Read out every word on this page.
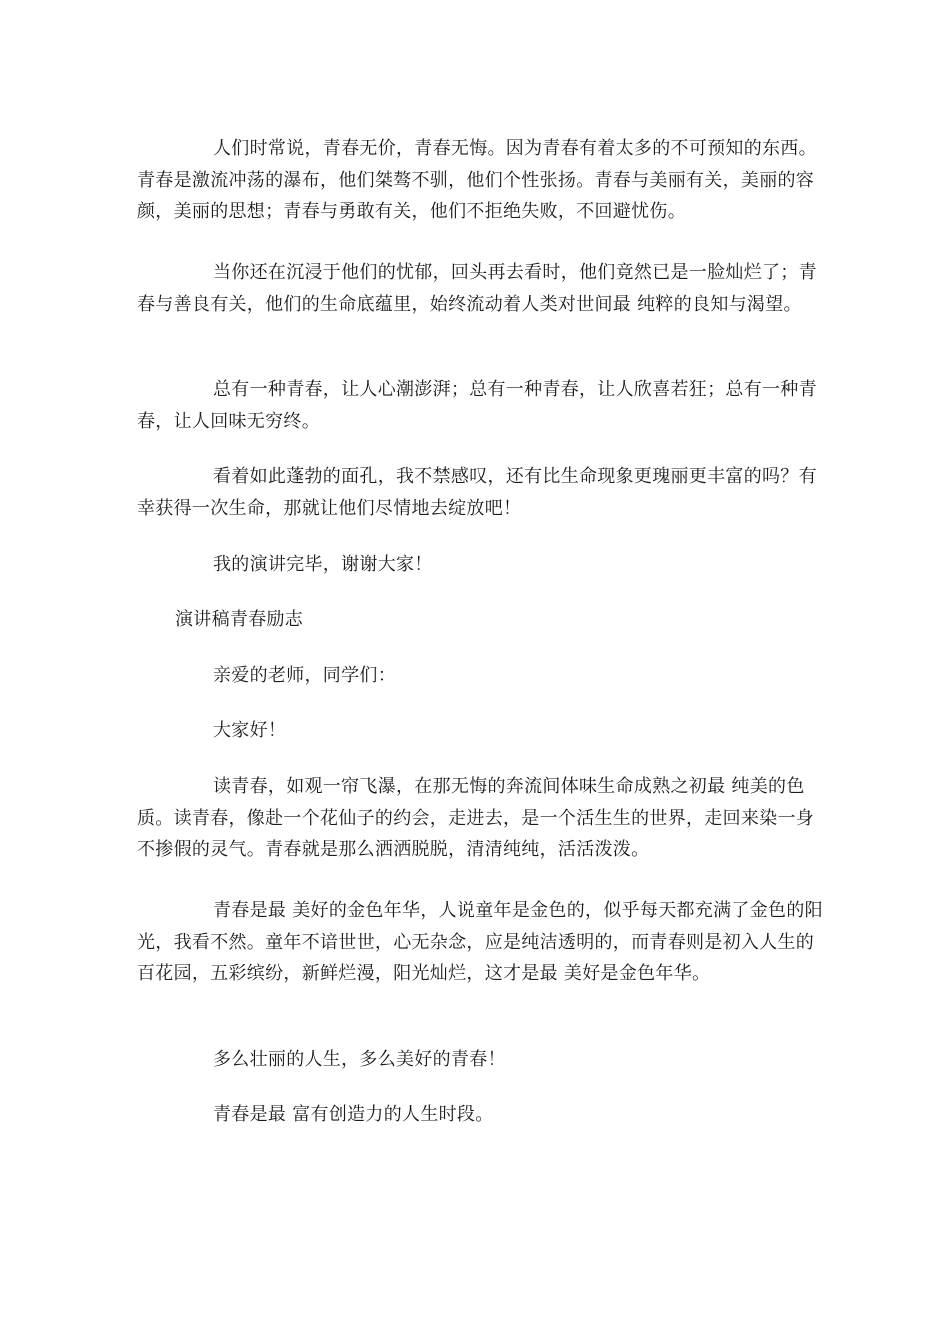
人们时常说，青春无价，青春无悔。因为青春有着太多的不可预知的东西。青春是激流冲荡的瀑布，他们桀骜不驯，他们个性张扬。青春与美丽有关，美丽的容颜，美丽的思想；青春与勇敢有关，他们不拒绝失败，不回避忧伤。

当你还在沉浸于他们的忧郁，回头再去看时，他们竟然已是一脸灿烂了；青春与善良有关，他们的生命底蕴里，始终流动着人类对世间最 纯粹的良知与渴望。

总有一种青春，让人心潮澎湃；总有一种青春，让人欣喜若狂；总有一种青春，让人回味无穷终。

看着如此蓬勃的面孔，我不禁感叹，还有比生命现象更瑰丽更丰富的吗？有幸获得一次生命，那就让他们尽情地去绽放吧！

我的演讲完毕，谢谢大家！

演讲稿青春励志

亲爱的老师，同学们：

大家好！

读青春，如观一帘飞瀑，在那无悔的奔流间体味生命成熟之初最 纯美的色质。读青春，像赴一个花仙子的约会，走进去，是一个活生生的世界，走回来染一身不掺假的灵气。青春就是那么洒洒脱脱，清清纯纯，活活泼泼。

青春是最 美好的金色年华，人说童年是金色的，似乎每天都充满了金色的阳光，我看不然。童年不谙世世，心无杂念，应是纯洁透明的，而青春则是初入人生的百花园，五彩缤纷，新鲜烂漫，阳光灿烂，这才是最 美好是金色年华。

多么壮丽的人生，多么美好的青春！

青春是最 富有创造力的人生时段。
